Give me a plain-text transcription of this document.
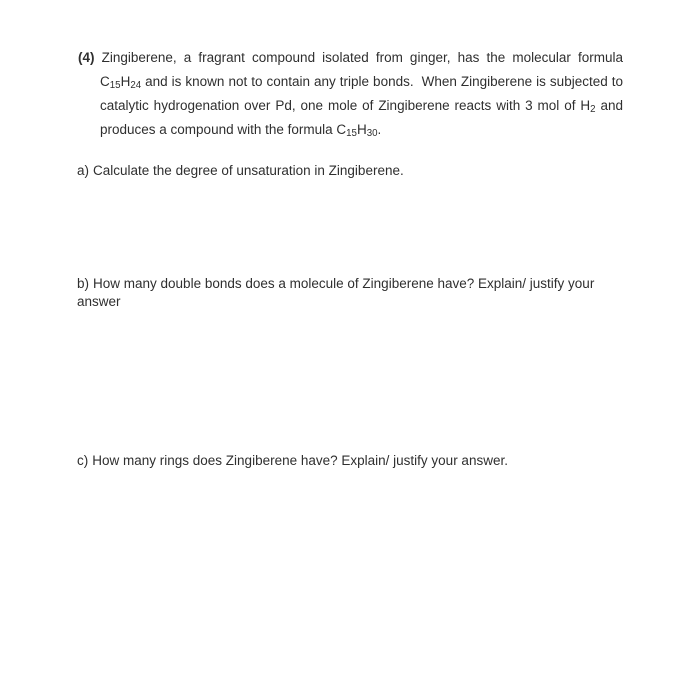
(4) Zingiberene, a fragrant compound isolated from ginger, has the molecular formula $C_{15}H_{24}$ and is known not to contain any triple bonds.  When Zingiberene is subjected to catalytic hydrogenation over Pd, one mole of Zingiberene reacts with 3 mol of $H_2$ and produces a compound with the formula $C_{15}H_{30}$.

a) Calculate the degree of unsaturation in Zingiberene.

b) How many double bonds does a molecule of Zingiberene have? Explain/ justify your answer

c) How many rings does Zingiberene have? Explain/ justify your answer.
